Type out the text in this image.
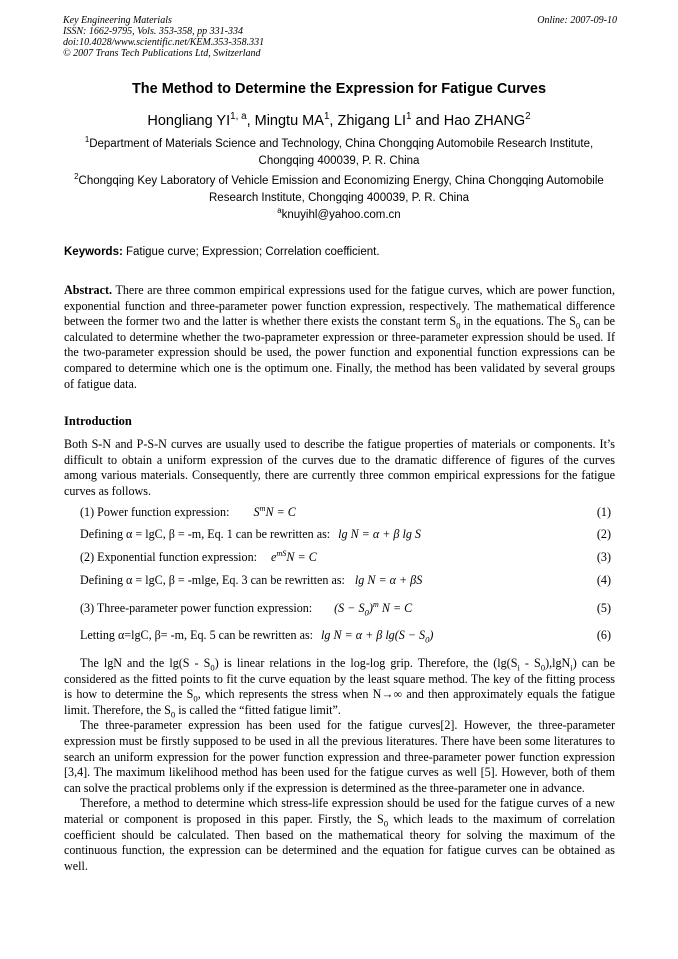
Key Engineering Materials
ISSN: 1662-9795, Vols. 353-358, pp 331-334
doi:10.4028/www.scientific.net/KEM.353-358.331
© 2007 Trans Tech Publications Ltd, Switzerland
Online: 2007-09-10
The Method to Determine the Expression for Fatigue Curves
Hongliang YI$^{1, a}$, Mingtu $MA^1$, Zhigang $LI^1$ and Hao ZHANG$^2$
$^1$Department of Materials Science and Technology, China Chongqing Automobile Research Institute, Chongqing 400039, P. R. China
$^2$Chongqing Key Laboratory of Vehicle Emission and Economizing Energy, China Chongqing Automobile Research Institute, Chongqing 400039, P. R. China
$^a$knuyihl@yahoo.com.cn
Keywords: Fatigue curve; Expression; Correlation coefficient.
Abstract. There are three common empirical expressions used for the fatigue curves, which are power function, exponential function and three-parameter power function expression, respectively. The mathematical difference between the former two and the latter is whether there exists the constant term $S_0$ in the equations. The $S_0$ can be calculated to determine whether the two-paprameter expression or three-parameter expression should be used. If the two-parameter expression should be used, the power function and exponential function expressions can be compared to determine which one is the optimum one. Finally, the method has been validated by several groups of fatigue data.
Introduction
Both S-N and P-S-N curves are usually used to describe the fatigue properties of materials or components. It’s difficult to obtain a uniform expression of the curves due to the dramatic difference of figures of the curves among various materials. Consequently, there are currently three common empirical expressions for the fatigue curves as follows.
(1) Power function expression: $S^mN = C$	(1)
Defining α = lgC, β = -m, Eq. 1 can be rewritten as: lg N = α + β lg S	(2)
(2) Exponential function expression: $e^{mS}N = C$	(3)
Defining α = lgC, β = -mlge, Eq. 3 can be rewritten as: lg N = α + βS	(4)
(3) Three-parameter power function expression: $(S - S_0)^m$ N = C	(5)
Letting α=lgC, β= -m, Eq. 5 can be rewritten as: lg N = α + β $\lg(S - S_0)$	(6)

The lgN and the $\lg(S - S_0)$ is linear relations in the log-log grip. Therefore, the $(\lg(S_i - S_0),\lg N_i)$ can be considered as the fitted points to fit the curve equation by the least square method. The key of the fitting process is how to determine the $S_0$, which represents the stress when N→∞ and then approximately equals the fatigue limit. Therefore, the $S_0$ is called the “fitted fatigue limit”.

The three-parameter expression has been used for the fatigue curves[2]. However, the three-parameter expression must be firstly supposed to be used in all the previous literatures. There have been some literatures to search an uniform expression for the power function expression and three-parameter power function expression [3,4]. The maximum likelihood method has been used for the fatigue curves as well [5]. However, both of them can solve the practical problems only if the expression is determined as the three-parameter one in advance.

Therefore, a method to determine which stress-life expression should be used for the fatigue curves of a new material or component is proposed in this paper. Firstly, the $S_0$ which leads to the maximum of correlation coefficient should be calculated. Then based on the mathematical theory for solving the maximum of the continuous function, the expression can be determined and the equation for fatigue curves can be obtained as well.
